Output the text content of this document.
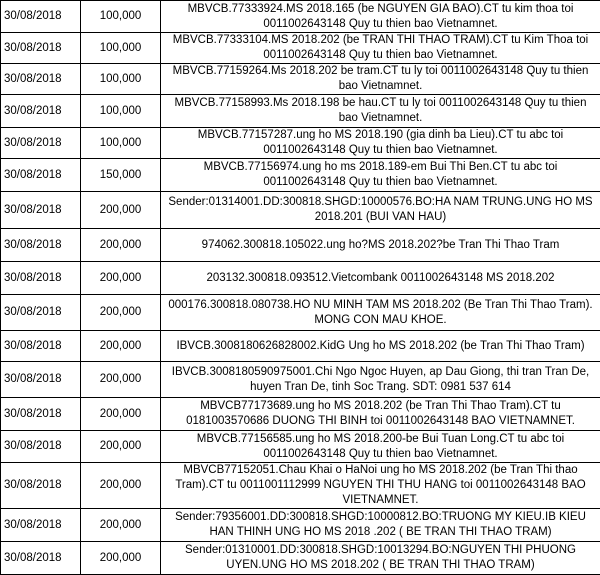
30/08/2018	100,000	MBVCB.77333924.MS 2018.165 (be NGUYEN GIA BAO).CT tu kim thoa toi 0011002643148 Quy tu thien bao Vietnamnet.
30/08/2018	100,000	MBVCB.77333104.MS 2018.202 (be TRAN THI THAO TRAM).CT tu Kim Thoa toi 0011002643148 Quy tu thien bao Vietnamnet.
30/08/2018	100,000	MBVCB.77159264.Ms 2018.202 be tram.CT tu ly toi 0011002643148 Quy tu thien bao Vietnamnet.
30/08/2018	100,000	MBVCB.77158993.Ms 2018.198 be hau.CT tu ly toi 0011002643148 Quy tu thien bao Vietnamnet.
30/08/2018	100,000	MBVCB.77157287.ung ho MS 2018.190 (gia dinh ba Lieu).CT tu abc toi 0011002643148 Quy tu thien bao Vietnamnet.
30/08/2018	150,000	MBVCB.77156974.ung ho ms 2018.189-em Bui Thi Ben.CT tu abc toi 0011002643148 Quy tu thien bao Vietnamnet.
30/08/2018	200,000	Sender:01314001.DD:300818.SHGD:10000576.BO:HA NAM TRUNG.UNG HO MS 2018.201 (BUI VAN HAU)
30/08/2018	200,000	974062.300818.105022.ung ho?MS 2018.202?be Tran Thi Thao Tram
30/08/2018	200,000	203132.300818.093512.Vietcombank 0011002643148 MS 2018.202
30/08/2018	200,000	000176.300818.080738.HO NU MINH TAM MS 2018.202 (Be Tran Thi Thao Tram). MONG CON MAU KHOE.
30/08/2018	200,000	IBVCB.3008180626828002.KidG Ung ho MS 2018.202 (be Tran Thi Thao Tram)
30/08/2018	200,000	IBVCB.3008180590975001.Chi Ngo Ngoc Huyen, ap Dau Giong, thi tran Tran De, huyen Tran De, tinh Soc Trang. SDT: 0981 537 614
30/08/2018	200,000	MBVCB77173689.ung ho MS 2018.202 (be Tran Thi Thao Tram).CT tu 0181003570686 DUONG THI BINH toi 0011002643148 BAO VIETNAMNET.
30/08/2018	200,000	MBVCB.77156585.ung ho MS 2018.200-be Bui Tuan Long.CT tu abc toi 0011002643148 Quy tu thien bao Vietnamnet.
30/08/2018	200,000	MBVCB77152051.Chau Khai o HaNoi ung ho MS 2018.202 (be Tran Thi thao Tram).CT tu 0011001112999 NGUYEN THI THU HANG toi 0011002643148 BAO VIETNAMNET.
30/08/2018	200,000	Sender:79356001.DD:300818.SHGD:10000812.BO:TRUONG MY KIEU.IB KIEU HAN THINH UNG HO MS 2018 .202 ( BE TRAN THI THAO TRAM)
30/08/2018	200,000	Sender:01310001.DD:300818.SHGD:10013294.BO:NGUYEN THI PHUONG UYEN.UNG HO MS 2018.202 ( BE TRAN THI THAO TRAM)
